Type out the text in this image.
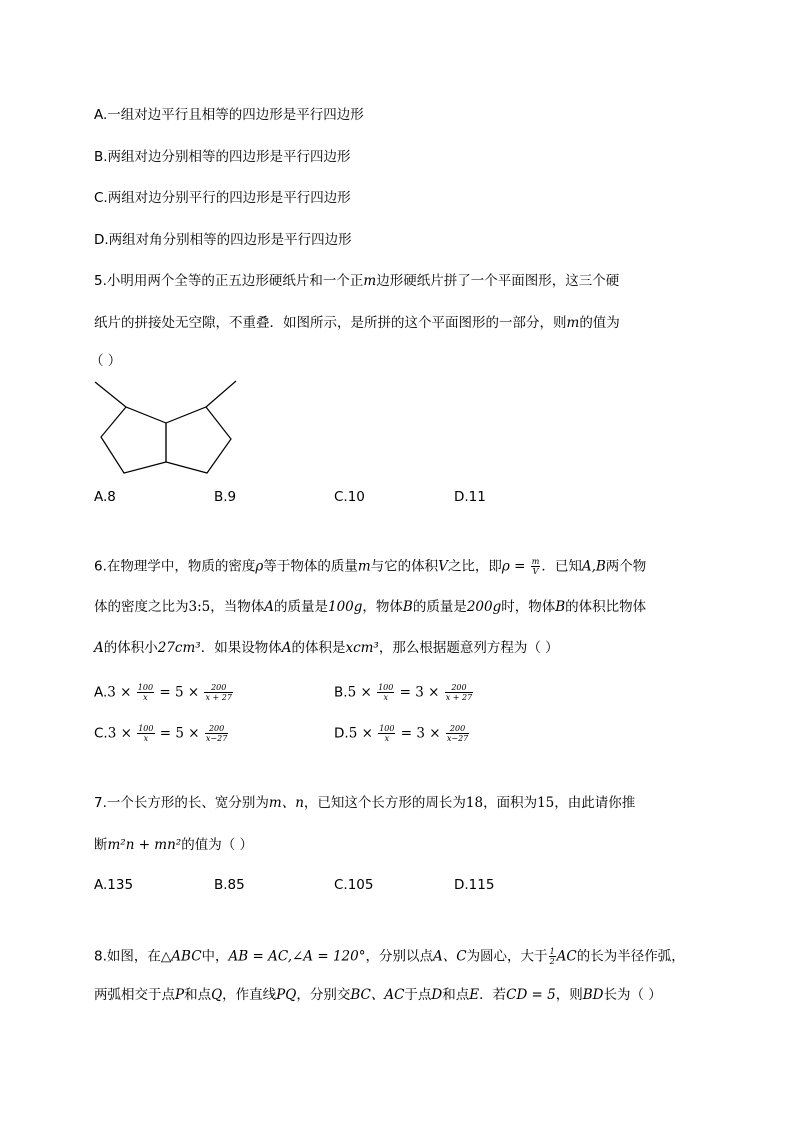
A.一组对边平行且相等的四边形是平行四边形
B.两组对边分别相等的四边形是平行四边形
C.两组对边分别平行的四边形是平行四边形
D.两组对角分别相等的四边形是平行四边形
5.小明用两个全等的正五边形硬纸片和一个正m边形硬纸片拼了一个平面图形，这三个硬
纸片的拼接处无空隙，不重叠．如图所示，是所拼的这个平面图形的一部分，则m的值为
（ ）
A.8	B.9	C.10	D.11
6.在物理学中，物质的密度ρ等于物体的质量m与它的体积V之比，即$\rho = \frac{m}{V}$ ．已知A,B两个物
体的密度之比为3:5，当物体A的质量是100g，物体B的质量是200g时，物体B的体积比物体
A的体积小27cm³．如果设物体A的体积是xcm³，那么根据题意列方程为（ ）
$A.3 \times \frac{100}{x} = 5 \times \frac{200}{x + 27}$	$B.5 \times \frac{100}{x} = 3 \times \frac{200}{x + 27}$
$C.3 \times \frac{100}{x} = 5 \times \frac{200}{x-27}$	$D.5 \times \frac{100}{x} = 3 \times \frac{200}{x-27}$
7.一个长方形的长、宽分别为m、n，已知这个长方形的周长为18，面积为15，由此请你推
断m²n + mn²的值为（ ）
A.135	B.85	C.105	D.115
8.如图，在△ABC中，AB = AC,∠A = 120°，分别以点A、C为圆心，大于 $\frac{1}{2}$ AC的长为半径作弧，
两弧相交于点P和点Q，作直线PQ，分别交BC、AC于点D和点E．若CD = 5，则BD长为（ ）
